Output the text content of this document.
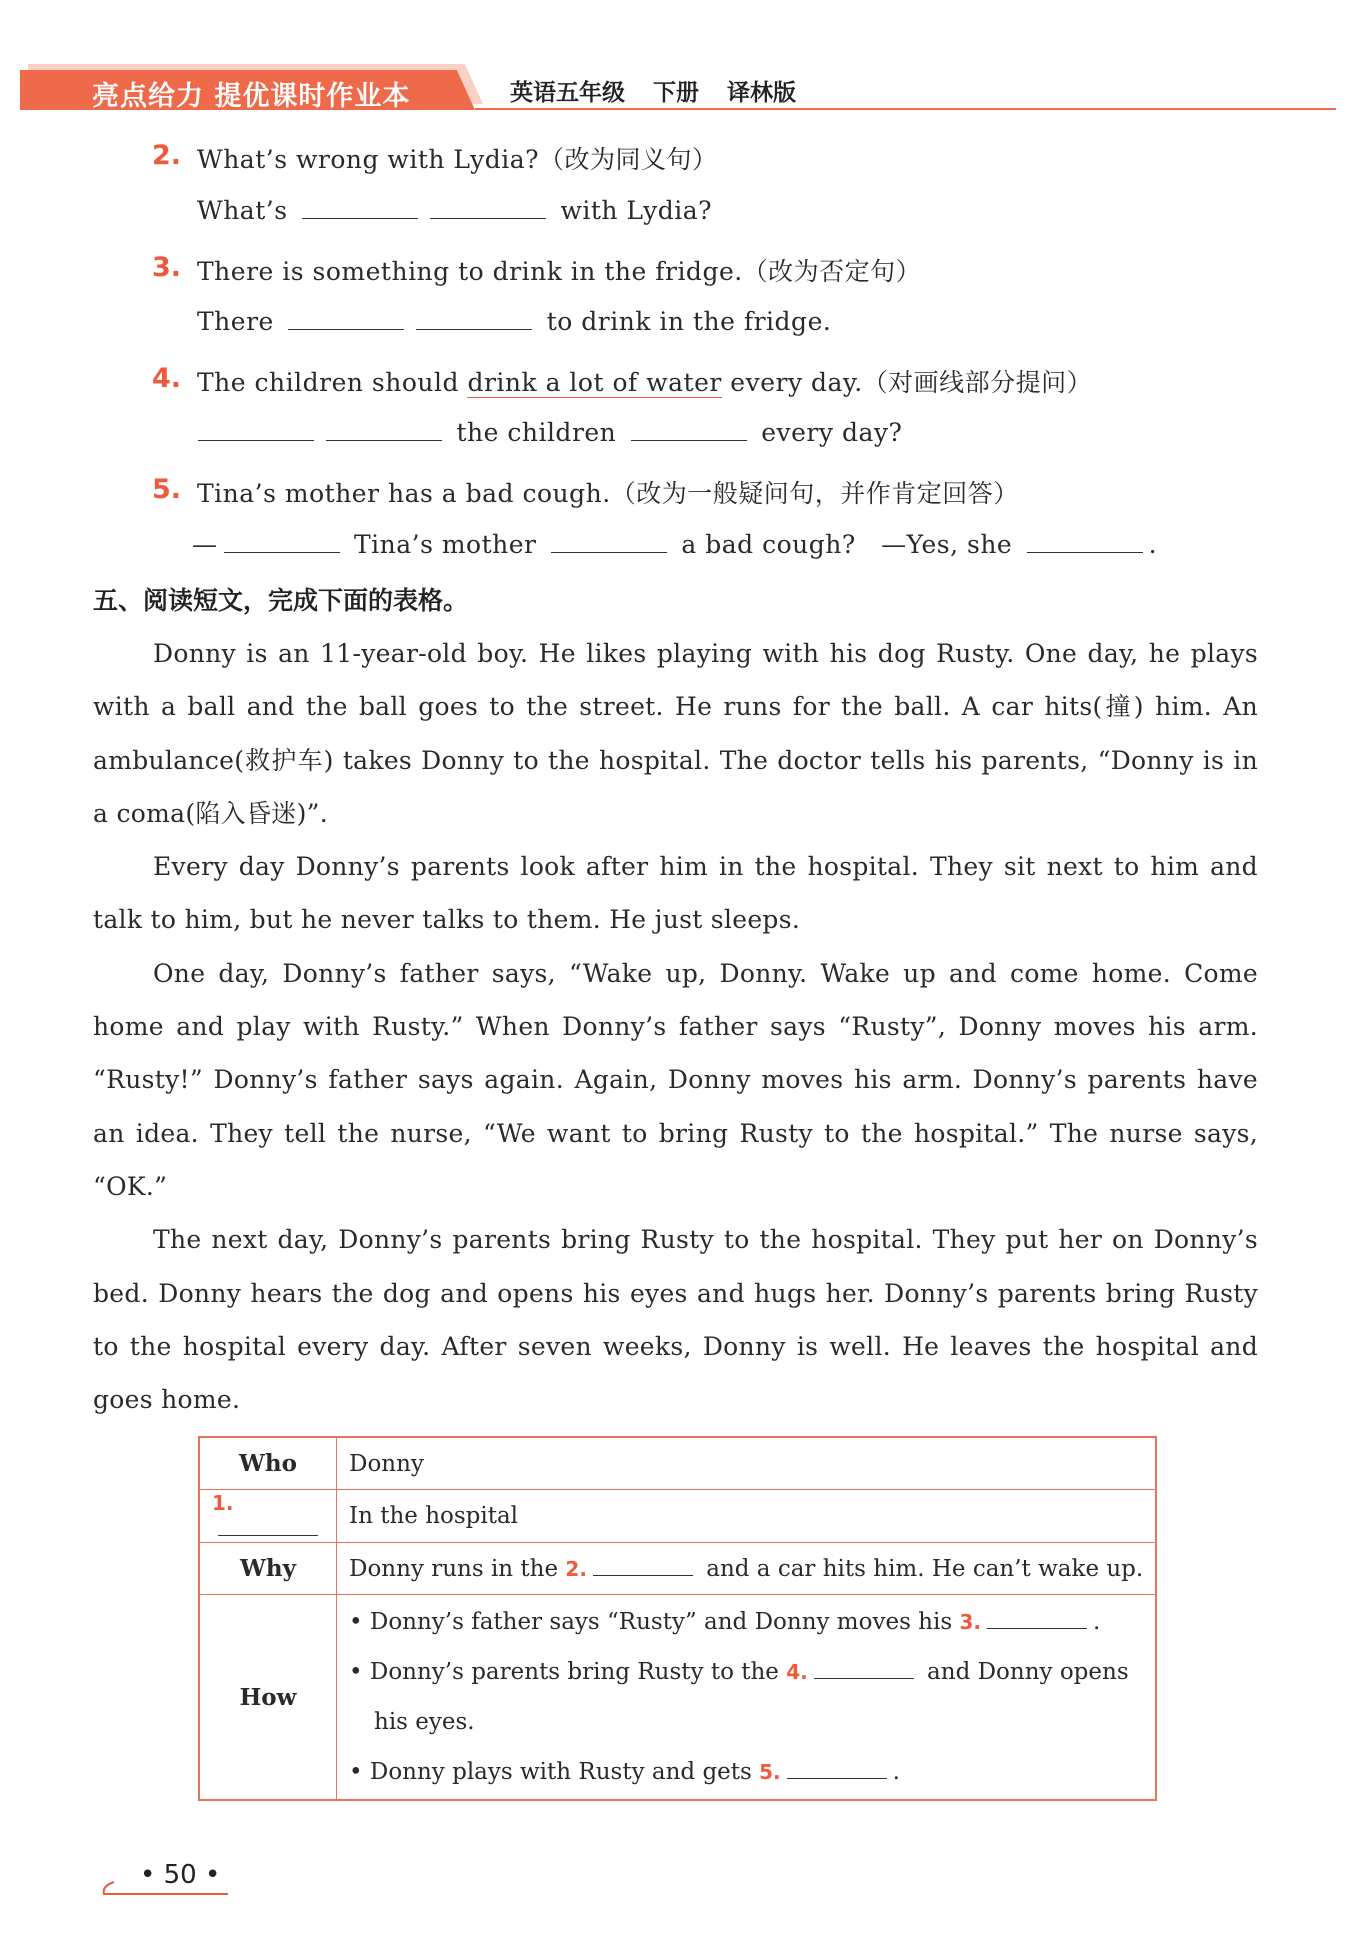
亮点给力 提优课时作业本	英语五年级 下册 译林版
2. What’s wrong with Lydia?（改为同义句）
What’s	with Lydia?
3. There is something to drink in the fridge.（改为否定句）
There	to drink in the fridge.
4. The children should drink a lot of water every day.（对画线部分提问）
the children	every day?
5. Tina’s mother has a bad cough.（改为一般疑问句，并作肯定回答）
—	Tina’s mother	a bad cough? —Yes, she	.
五、阅读短文，完成下面的表格。

Donny is an 11-year-old boy. He likes playing with his dog Rusty. One day, he plays with a ball and the ball goes to the street. He runs for the ball. A car hits(撞) him. An ambulance(救护车) takes Donny to the hospital. The doctor tells his parents, “Donny is in a coma(陷入昏迷)”.

Every day Donny’s parents look after him in the hospital. They sit next to him and talk to him, but he never talks to them. He just sleeps.

One day, Donny’s father says, “Wake up, Donny. Wake up and come home. Come home and play with Rusty.” When Donny’s father says “Rusty”, Donny moves his arm. “Rusty!” Donny’s father says again. Again, Donny moves his arm. Donny’s parents have an idea. They tell the nurse, “We want to bring Rusty to the hospital.” The nurse says, “OK.”

The next day, Donny’s parents bring Rusty to the hospital. They put her on Donny’s bed. Donny hears the dog and opens his eyes and hugs her. Donny’s parents bring Rusty to the hospital every day. After seven weeks, Donny is well. He leaves the hospital and goes home.

Who	Donny
1.	In the hospital
Why	Donny runs in the 2. and a car hits him. He can’t wake up.
How	• Donny’s father says “Rusty” and Donny moves his 3. .
• Donny’s parents bring Rusty to the 4. and Donny opens
his eyes.
• Donny plays with Rusty and gets 5. .
• 50 •
